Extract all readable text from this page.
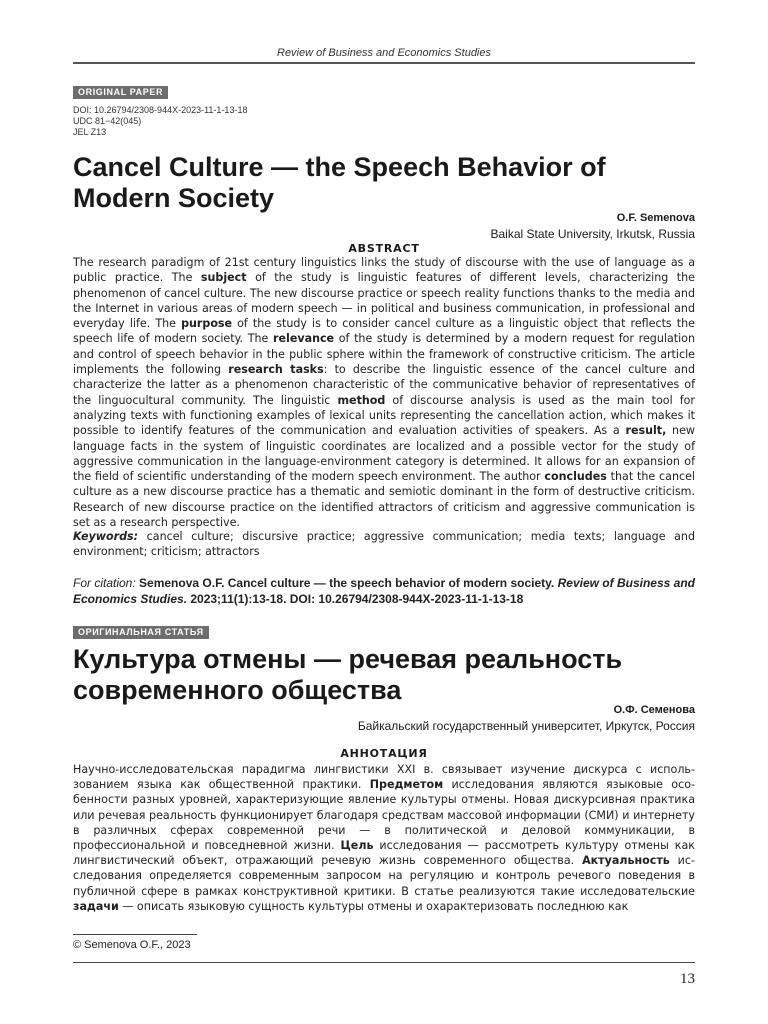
Review of Business and Economics Studies
ORIGINAL PAPER
DOI: 10.26794/2308-944X-2023-11-1-13-18
UDC 81−42(045)
JEL Z13
Cancel Culture — the Speech Behavior of Modern Society
O.F. Semenova
Baikal State University, Irkutsk, Russia
ABSTRACT
The research paradigm of 21st century linguistics links the study of discourse with the use of language as a public practice. The subject of the study is linguistic features of different levels, characterizing the phenomenon of cancel culture. The new discourse practice or speech reality functions thanks to the media and the Internet in various areas of modern speech — in political and business communication, in professional and everyday life. The purpose of the study is to consider cancel culture as a linguistic object that reflects the speech life of modern society. The relevance of the study is determined by a modern request for regulation and control of speech behavior in the public sphere within the framework of constructive criticism. The article implements the following research tasks: to describe the linguistic essence of the cancel culture and characterize the latter as a phenomenon characteristic of the communicative behavior of representatives of the linguocultural community. The linguistic method of discourse analysis is used as the main tool for analyzing texts with functioning examples of lexical units representing the cancellation action, which makes it possible to identify features of the communication and evaluation activities of speakers. As a result, new language facts in the system of linguistic coordinates are localized and a possible vector for the study of aggressive communication in the language-environment category is determined. It allows for an expansion of the field of scientific understanding of the modern speech environment. The author concludes that the cancel culture as a new discourse practice has a thematic and semiotic dominant in the form of destructive criticism. Research of new discourse practice on the identified attractors of criticism and aggressive communication is set as a research perspective.
Keywords: cancel culture; discursive practice; aggressive communication; media texts; language and environment; criticism; attractors
For citation: Semenova O.F. Cancel culture — the speech behavior of modern society. Review of Business and Economics Studies. 2023;11(1):13-18. DOI: 10.26794/2308-944X-2023-11-1-13-18
ОРИГИНАЛЬНАЯ СТАТЬЯ
Культура отмены — речевая реальность современного общества
О.Ф. Семенова
Байкальский государственный университет, Иркутск, Россия
АННОТАЦИЯ
Научно-исследовательская парадигма лингвистики XXI в. связывает изучение дискурса с использованием языка как общественной практики. Предметом исследования являются языковые особенности разных уровней, характеризующие явление культуры отмены. Новая дискурсивная практика или речевая реальность функционирует благодаря средствам массовой информации (СМИ) и интернету в различных сферах современной речи — в политической и деловой коммуникации, в профессиональной и повседневной жизни. Цель исследования — рассмотреть культуру отмены как лингвистический объект, отражающий речевую жизнь современного общества. Актуальность исследования определяется современным запросом на регуляцию и контроль речевого поведения в публичной сфере в рамках конструктивной критики. В статье реализуются такие исследовательские задачи — описать языковую сущность культуры отмены и охарактеризовать последнюю как
© Semenova O.F., 2023
13
